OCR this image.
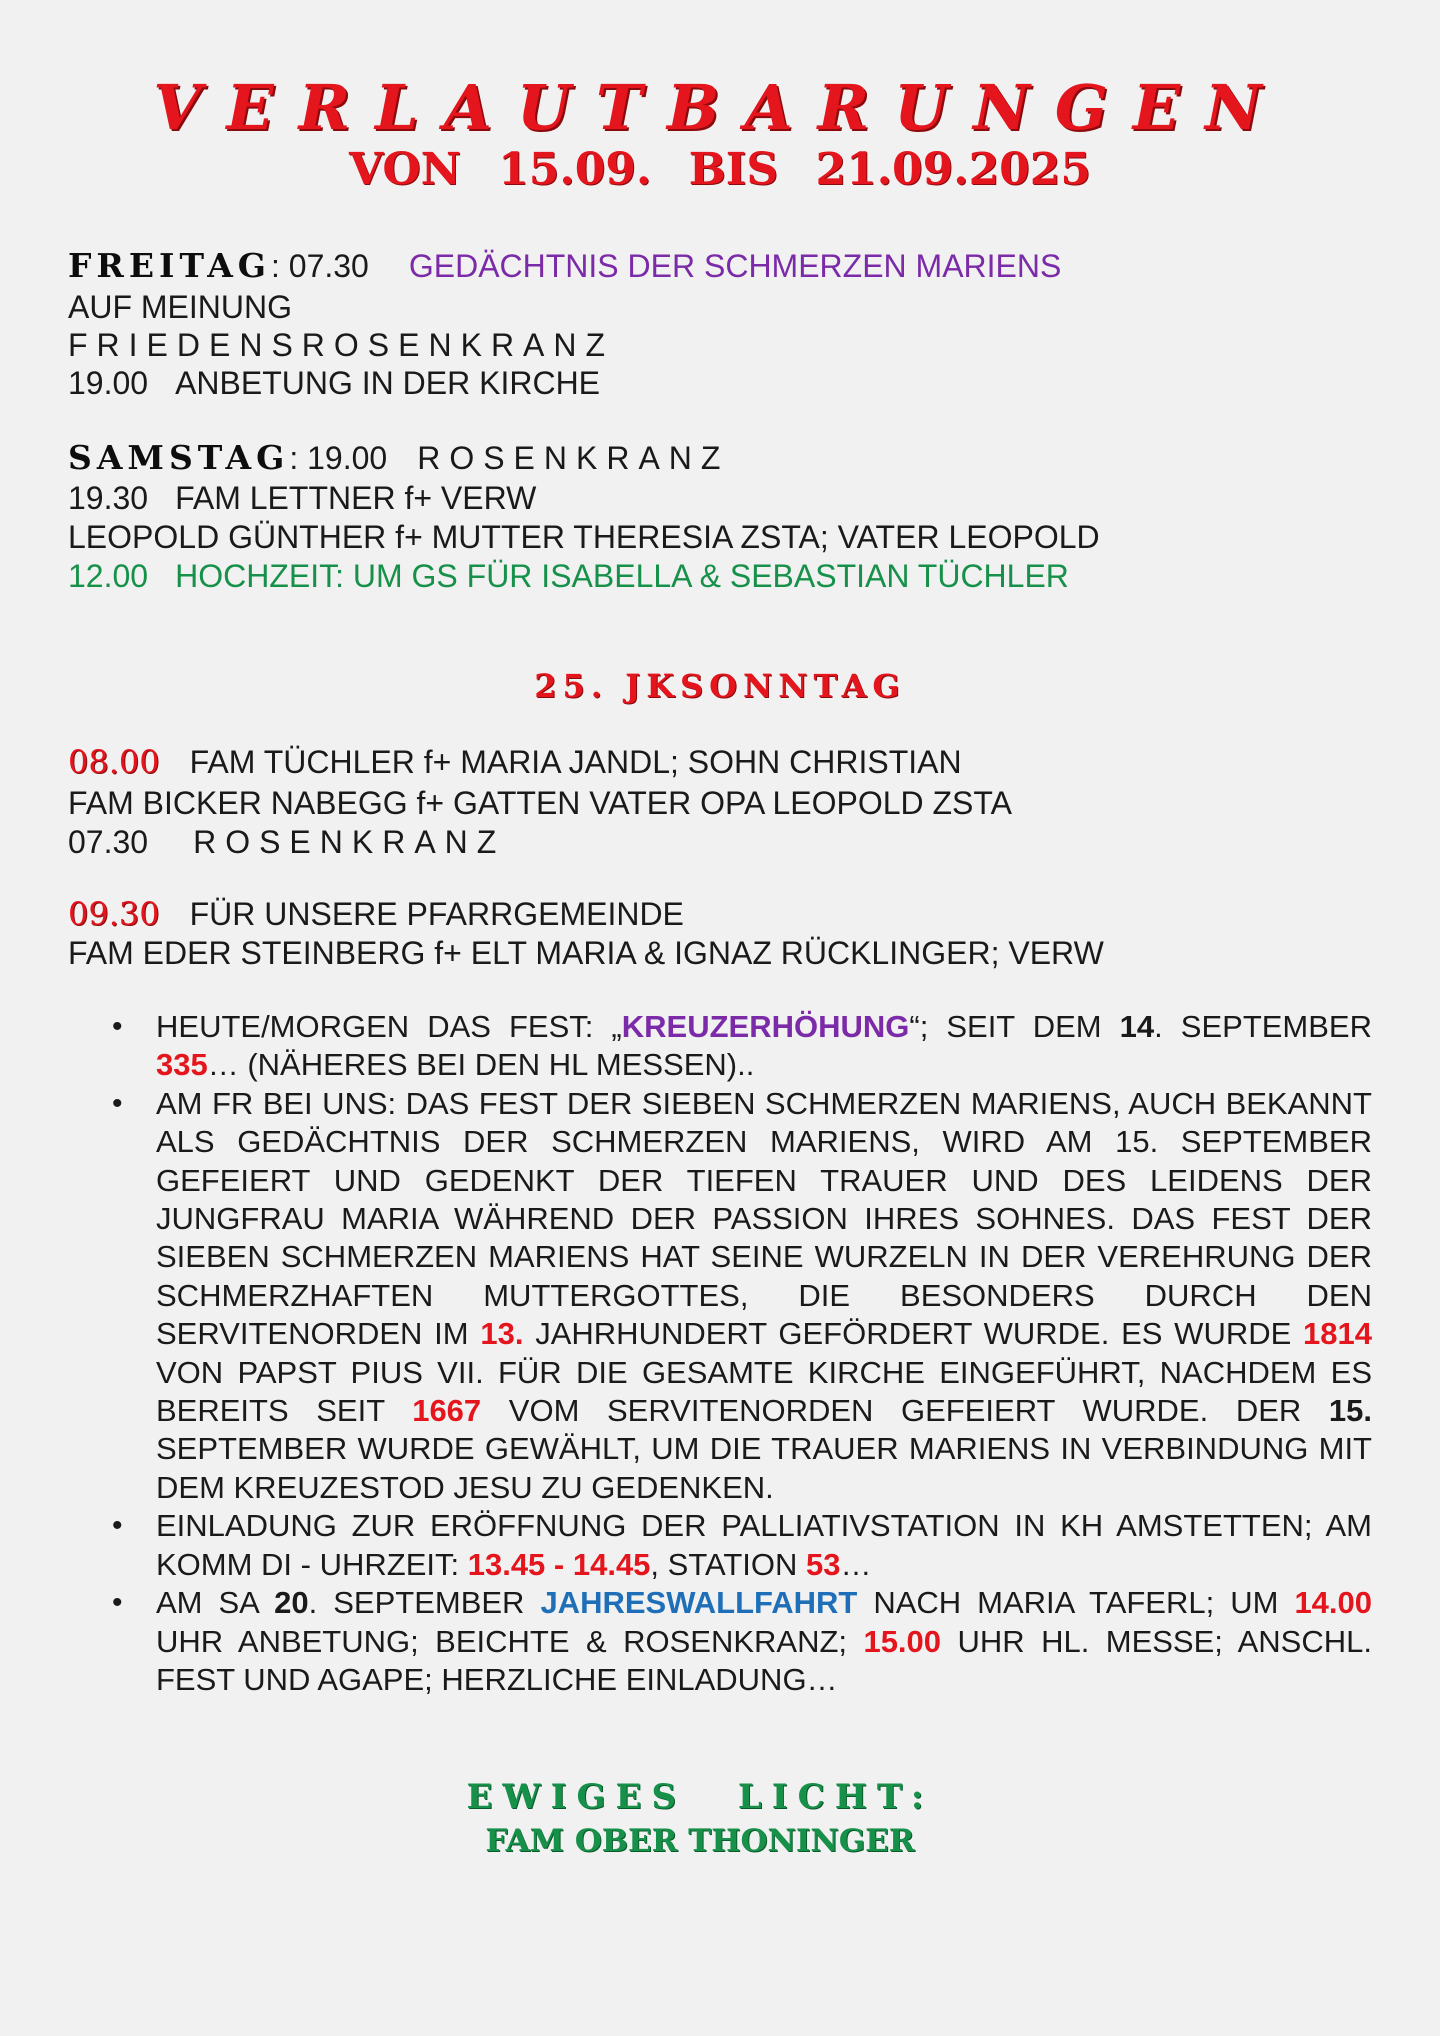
VERLAUTBARUNGEN
VON 15.09. BIS 21.09.2025
FREITAG: 07.30 GEDÄCHTNIS DER SCHMERZEN MARIENS
AUF MEINUNG
FRIEDENSROSENKRANZ
19.00 ANBETUNG IN DER KIRCHE
SAMSTAG: 19.00 ROSENKRANZ
19.30 FAM LETTNER f+ VERW
LEOPOLD GÜNTHER f+ MUTTER THERESIA ZSTA; VATER LEOPOLD
12.00 HOCHZEIT: UM GS FÜR ISABELLA & SEBASTIAN TÜCHLER
25. JKSONNTAG
08.00 FAM TÜCHLER f+ MARIA JANDL; SOHN CHRISTIAN
FAM BICKER NABEGG f+ GATTEN VATER OPA LEOPOLD ZSTA
07.30 ROSENKRANZ
09.30 FÜR UNSERE PFARRGEMEINDE
FAM EDER STEINBERG f+ ELT MARIA & IGNAZ RÜCKLINGER; VERW
• HEUTE/MORGEN DAS FEST: „KREUZERHÖHUNG“; SEIT DEM 14. SEPTEMBER 335… (NÄHERES BEI DEN HL MESSEN)..
• AM FR BEI UNS: DAS FEST DER SIEBEN SCHMERZEN MARIENS, AUCH BEKANNT ALS GEDÄCHTNIS DER SCHMERZEN MARIENS, WIRD AM 15. SEPTEMBER GEFEIERT UND GEDENKT DER TIEFEN TRAUER UND DES LEIDENS DER JUNGFRAU MARIA WÄHREND DER PASSION IHRES SOHNES. DAS FEST DER SIEBEN SCHMERZEN MARIENS HAT SEINE WURZELN IN DER VEREHRUNG DER SCHMERZHAFTEN MUTTERGOTTES, DIE BESONDERS DURCH DEN SERVITENORDEN IM 13. JAHRHUNDERT GEFÖRDERT WURDE. ES WURDE 1814 VON PAPST PIUS VII. FÜR DIE GESAMTE KIRCHE EINGEFÜHRT, NACHDEM ES BEREITS SEIT 1667 VOM SERVITENORDEN GEFEIERT WURDE. DER 15. SEPTEMBER WURDE GEWÄHLT, UM DIE TRAUER MARIENS IN VERBINDUNG MIT DEM KREUZESTOD JESU ZU GEDENKEN.
• EINLADUNG ZUR ERÖFFNUNG DER PALLIATIVSTATION IN KH AMSTETTEN; AM KOMM DI - UHRZEIT: 13.45 - 14.45, STATION 53…
• AM SA 20. SEPTEMBER JAHRESWALLFAHRT NACH MARIA TAFERL; UM 14.00 UHR ANBETUNG; BEICHTE & ROSENKRANZ; 15.00 UHR HL. MESSE; ANSCHL. FEST UND AGAPE; HERZLICHE EINLADUNG…
EWIGES LICHT:
FAM OBER THONINGER
